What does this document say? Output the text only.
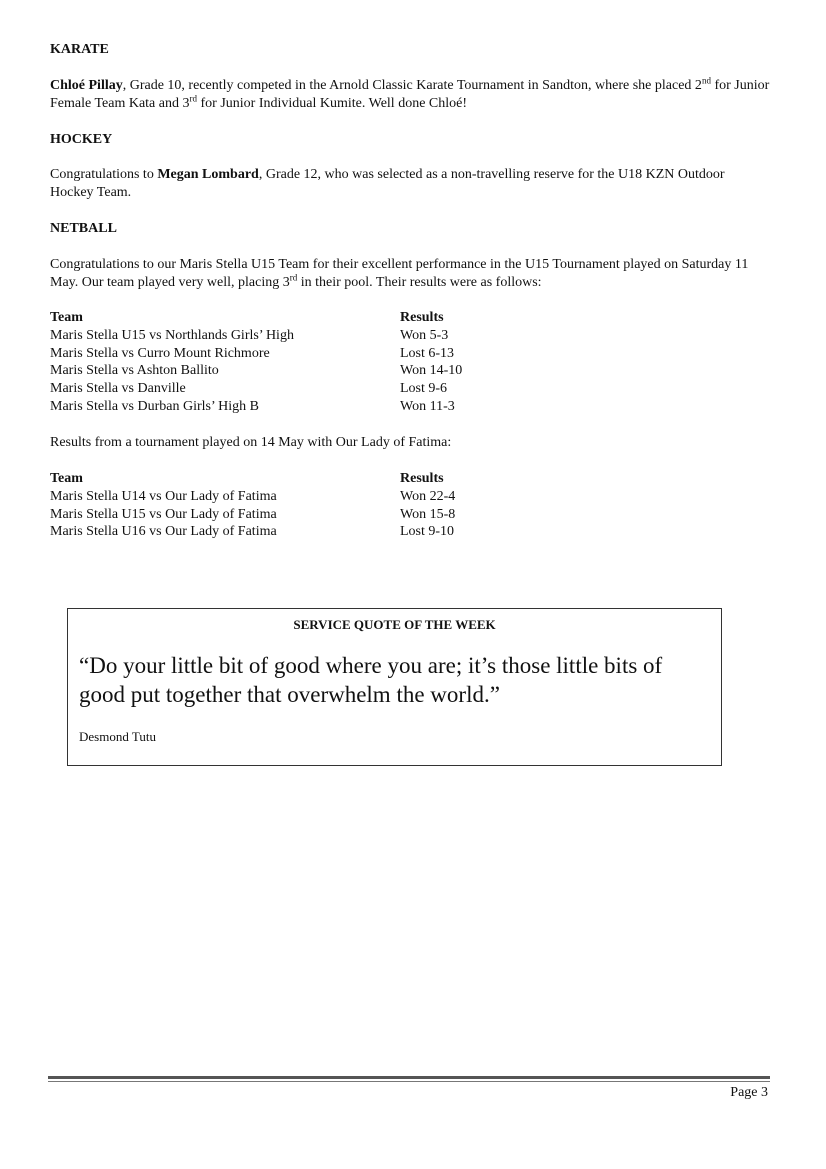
KARATE

Chloé Pillay, Grade 10, recently competed in the Arnold Classic Karate Tournament in Sandton, where she placed 2nd for Junior Female Team Kata and 3rd for Junior Individual Kumite. Well done Chloé!

HOCKEY

Congratulations to Megan Lombard, Grade 12, who was selected as a non-travelling reserve for the U18 KZN Outdoor Hockey Team.

NETBALL

Congratulations to our Maris Stella U15 Team for their excellent performance in the U15 Tournament played on Saturday 11 May. Our team played very well, placing 3rd in their pool. Their results were as follows:

Team	Results
Maris Stella U15 vs Northlands Girls’ High	Won 5-3
Maris Stella vs Curro Mount Richmore	Lost 6-13
Maris Stella vs Ashton Ballito	Won 14-10
Maris Stella vs Danville	Lost 9-6
Maris Stella vs Durban Girls’ High B	Won 11-3

Results from a tournament played on 14 May with Our Lady of Fatima:

Team	Results
Maris Stella U14 vs Our Lady of Fatima	Won 22-4
Maris Stella U15 vs Our Lady of Fatima	Won 15-8
Maris Stella U16 vs Our Lady of Fatima	Lost 9-10
SERVICE QUOTE OF THE WEEK

“Do your little bit of good where you are; it’s those little bits of good put together that overwhelm the world.”

Desmond Tutu
Page 3
